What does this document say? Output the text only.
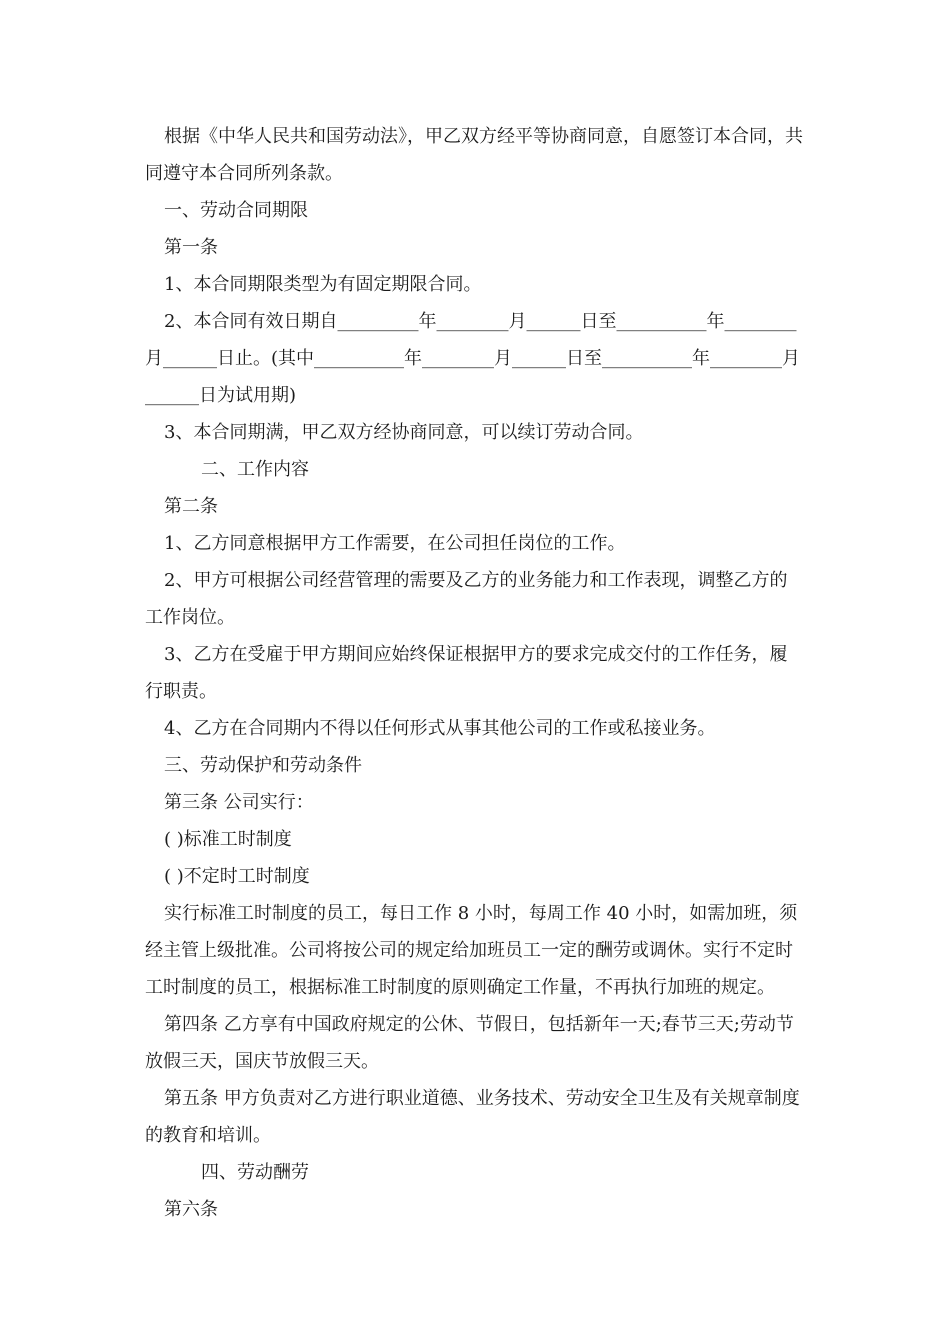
根据《中华人民共和国劳动法》，甲乙双方经平等协商同意，自愿签订本合同，共同遵守本合同所列条款。

一、劳动合同期限

第一条

1、本合同期限类型为有固定期限合同。

2、本合同有效日期自_________年________月______日至__________年________月______日止。(其中__________年________月______日至__________年________月______日为试用期)

3、本合同期满，甲乙双方经协商同意，可以续订劳动合同。

二、工作内容

第二条

1、乙方同意根据甲方工作需要，在公司担任岗位的工作。

2、甲方可根据公司经营管理的需要及乙方的业务能力和工作表现，调整乙方的工作岗位。

3、乙方在受雇于甲方期间应始终保证根据甲方的要求完成交付的工作任务，履行职责。

4、乙方在合同期内不得以任何形式从事其他公司的工作或私接业务。

三、劳动保护和劳动条件

第三条 公司实行：

( )标准工时制度

( )不定时工时制度

实行标准工时制度的员工，每日工作 8 小时，每周工作 40 小时，如需加班，须经主管上级批准。公司将按公司的规定给加班员工一定的酬劳或调休。实行不定时工时制度的员工，根据标准工时制度的原则确定工作量，不再执行加班的规定。

第四条 乙方享有中国政府规定的公休、节假日，包括新年一天;春节三天;劳动节放假三天，国庆节放假三天。

第五条 甲方负责对乙方进行职业道德、业务技术、劳动安全卫生及有关规章制度的教育和培训。

四、劳动酬劳

第六条
